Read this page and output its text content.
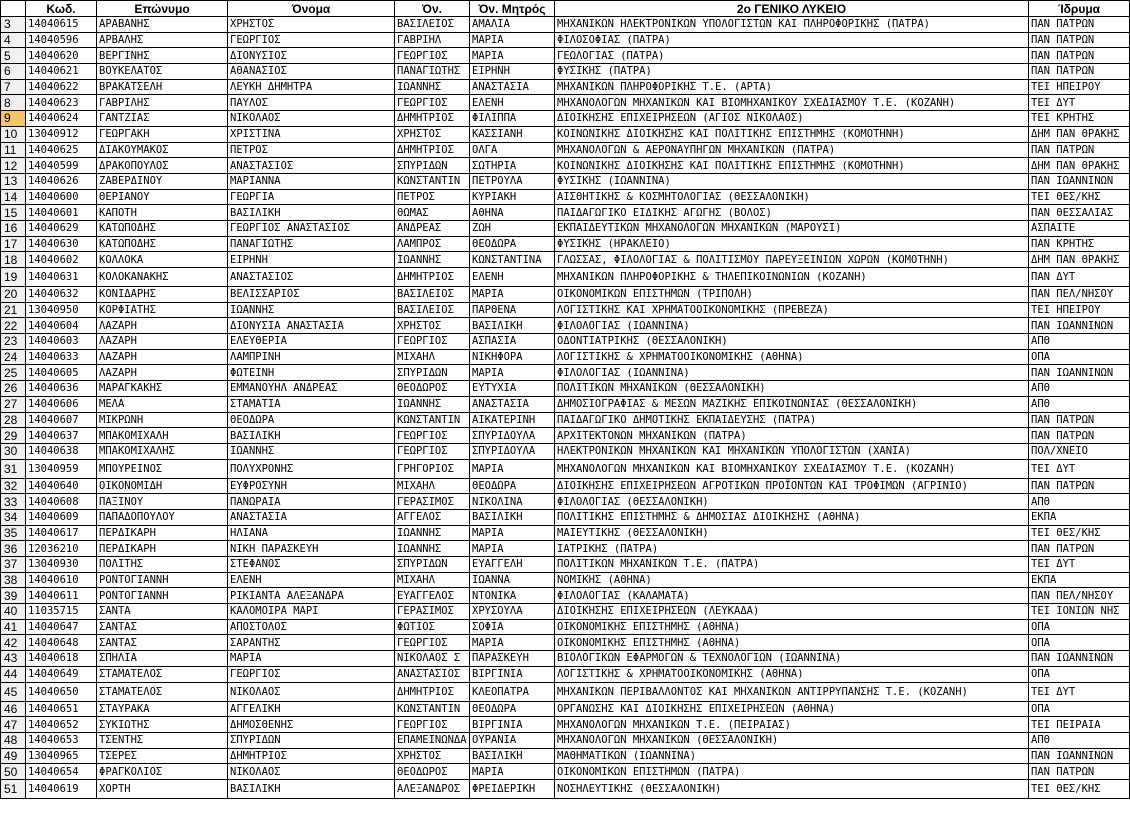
	Κωδ.	Επώνυμο	Όνομα	Όν.	Όν. Μητρός	2ο ΓΕΝΙΚΟ ΛΥΚΕΙΟ	Ίδρυμα
3	14040615	ΑΡΑΒΑΝΗΣ	ΧΡΗΣΤΟΣ	ΒΑΣΙΛΕΙΟΣ	ΑΜΑΛΙΑ	ΜΗΧΑΝΙΚΩΝ ΗΛΕΚΤΡΟΝΙΚΩΝ ΥΠΟΛΟΓΙΣΤΩΝ ΚΑΙ ΠΛΗΡΟΦΟΡΙΚΗΣ (ΠΑΤΡΑ)	ΠΑΝ ΠΑΤΡΩΝ
4	14040596	ΑΡΒΑΛΗΣ	ΓΕΩΡΓΙΟΣ	ΓΑΒΡΙΗΛ	ΜΑΡΙΑ	ΦΙΛΟΣΟΦΙΑΣ (ΠΑΤΡΑ)	ΠΑΝ ΠΑΤΡΩΝ
5	14040620	ΒΕΡΓΙΝΗΣ	ΔΙΟΝΥΣΙΟΣ	ΓΕΩΡΓΙΟΣ	ΜΑΡΙΑ	ΓΕΩΛΟΓΙΑΣ (ΠΑΤΡΑ)	ΠΑΝ ΠΑΤΡΩΝ
6	14040621	ΒΟΥΚΕΛΑΤΟΣ	ΑΘΑΝΑΣΙΟΣ	ΠΑΝΑΓΙΩΤΗΣ	ΕΙΡΗΝΗ	ΦΥΣΙΚΗΣ (ΠΑΤΡΑ)	ΠΑΝ ΠΑΤΡΩΝ
7	14040622	ΒΡΑΚΑΤΣΕΛΗ	ΛΕΥΚΗ ΔΗΜΗΤΡΑ	ΙΩΑΝΝΗΣ	ΑΝΑΣΤΑΣΙΑ	ΜΗΧΑΝΙΚΩΝ ΠΛΗΡΟΦΟΡΙΚΗΣ Τ.Ε. (ΑΡΤΑ)	ΤΕΙ ΗΠΕΙΡΟΥ
8	14040623	ΓΑΒΡΙΛΗΣ	ΠΑΥΛΟΣ	ΓΕΩΡΓΙΟΣ	ΕΛΕΝΗ	ΜΗΧΑΝΟΛΟΓΩΝ ΜΗΧΑΝΙΚΩΝ ΚΑΙ ΒΙΟΜΗΧΑΝΙΚΟΥ ΣΧΕΔΙΑΣΜΟΥ Τ.Ε. (ΚΟΖΑΝΗ)	ΤΕΙ ΔΥΤ
9	14040624	ΓΑΝΤΖΙΑΣ	ΝΙΚΟΛΑΟΣ	ΔΗΜΗΤΡΙΟΣ	ΦΙΛΙΠΠΑ	ΔΙΟΙΚΗΣΗΣ ΕΠΙΧΕΙΡΗΣΕΩΝ (ΑΓΙΟΣ ΝΙΚΟΛΑΟΣ)	ΤΕΙ ΚΡΗΤΗΣ
10	13040912	ΓΕΩΡΓΑΚΗ	ΧΡΙΣΤΙΝΑ	ΧΡΗΣΤΟΣ	ΚΑΣΣΙΑΝΗ	ΚΟΙΝΩΝΙΚΗΣ ΔΙΟΙΚΗΣΗΣ ΚΑΙ ΠΟΛΙΤΙΚΗΣ ΕΠΙΣΤΗΜΗΣ (ΚΟΜΟΤΗΝΗ)	ΔΗΜ ΠΑΝ ΘΡΑΚΗΣ
11	14040625	ΔΙΑΚΟΥΜΑΚΟΣ	ΠΕΤΡΟΣ	ΔΗΜΗΤΡΙΟΣ	ΟΛΓΑ	ΜΗΧΑΝΟΛΟΓΩΝ & ΑΕΡΟΝΑΥΠΗΓΩΝ ΜΗΧΑΝΙΚΩΝ (ΠΑΤΡΑ)	ΠΑΝ ΠΑΤΡΩΝ
12	14040599	ΔΡΑΚΟΠΟΥΛΟΣ	ΑΝΑΣΤΑΣΙΟΣ	ΣΠΥΡΙΔΩΝ	ΣΩΤΗΡΙΑ	ΚΟΙΝΩΝΙΚΗΣ ΔΙΟΙΚΗΣΗΣ ΚΑΙ ΠΟΛΙΤΙΚΗΣ ΕΠΙΣΤΗΜΗΣ (ΚΟΜΟΤΗΝΗ)	ΔΗΜ ΠΑΝ ΘΡΑΚΗΣ
13	14040626	ΖΑΒΕΡΔΙΝΟΥ	ΜΑΡΙΑΝΝΑ	ΚΩΝΣΤΑΝΤΙΝ	ΠΕΤΡΟΥΛΑ	ΦΥΣΙΚΗΣ (ΙΩΑΝΝΙΝΑ)	ΠΑΝ ΙΩΑΝΝΙΝΩΝ
14	14040600	ΘΕΡΙΑΝΟΥ	ΓΕΩΡΓΙΑ	ΠΕΤΡΟΣ	ΚΥΡΙΑΚΗ	ΑΙΣΘΗΤΙΚΗΣ & ΚΟΣΜΗΤΟΛΟΓΙΑΣ (ΘΕΣΣΑΛΟΝΙΚΗ)	ΤΕΙ ΘΕΣ/ΚΗΣ
15	14040601	ΚΑΠΟΤΗ	ΒΑΣΙΛΙΚΗ	ΘΩΜΑΣ	ΑΘΗΝΑ	ΠΑΙΔΑΓΩΓΙΚΟ ΕΙΔΙΚΗΣ ΑΓΩΓΗΣ (ΒΟΛΟΣ)	ΠΑΝ ΘΕΣΣΑΛΙΑΣ
16	14040629	ΚΑΤΩΠΟΔΗΣ	ΓΕΩΡΓΙΟΣ ΑΝΑΣΤΑΣΙΟΣ	ΑΝΔΡΕΑΣ	ΖΩΗ	ΕΚΠΑΙΔΕΥΤΙΚΩΝ ΜΗΧΑΝΟΛΟΓΩΝ ΜΗΧΑΝΙΚΩΝ (ΜΑΡΟΥΣΙ)	ΑΣΠΑΙΤΕ
17	14040630	ΚΑΤΩΠΟΔΗΣ	ΠΑΝΑΓΙΩΤΗΣ	ΛΑΜΠΡΟΣ	ΘΕΟΔΩΡΑ	ΦΥΣΙΚΗΣ (ΗΡΑΚΛΕΙΟ)	ΠΑΝ ΚΡΗΤΗΣ
18	14040602	ΚΟΛΛΟΚΑ	ΕΙΡΗΝΗ	ΙΩΑΝΝΗΣ	ΚΩΝΣΤΑΝΤΙΝΑ	ΓΛΩΣΣΑΣ, ΦΙΛΟΛΟΓΙΑΣ & ΠΟΛΙΤΙΣΜΟΥ ΠΑΡΕΥΞΕΙΝΙΩΝ ΧΩΡΩΝ (ΚΟΜΟΤΗΝΗ)	ΔΗΜ ΠΑΝ ΘΡΑΚΗΣ
19	14040631	ΚΟΛΟΚΑΝΑΚΗΣ	ΑΝΑΣΤΑΣΙΟΣ	ΔΗΜΗΤΡΙΟΣ	ΕΛΕΝΗ	ΜΗΧΑΝΙΚΩΝ ΠΛΗΡΟΦΟΡΙΚΗΣ & ΤΗΛΕΠΙΚΟΙΝΩΝΙΩΝ (ΚΟΖΑΝΗ)	ΠΑΝ ΔΥΤ
20	14040632	ΚΟΝΙΔΑΡΗΣ	ΒΕΛΙΣΣΑΡΙΟΣ	ΒΑΣΙΛΕΙΟΣ	ΜΑΡΙΑ	ΟΙΚΟΝΟΜΙΚΩΝ ΕΠΙΣΤΗΜΩΝ (ΤΡΙΠΟΛΗ)	ΠΑΝ ΠΕΛ/ΝΗΣΟΥ
21	13040950	ΚΟΡΦΙΑΤΗΣ	ΙΩΑΝΝΗΣ	ΒΑΣΙΛΕΙΟΣ	ΠΑΡΘΕΝΑ	ΛΟΓΙΣΤΙΚΗΣ ΚΑΙ ΧΡΗΜΑΤΟΟΙΚΟΝΟΜΙΚΗΣ (ΠΡΕΒΕΖΑ)	ΤΕΙ ΗΠΕΙΡΟΥ
22	14040604	ΛΑΖΑΡΗ	ΔΙΟΝΥΣΙΑ ΑΝΑΣΤΑΣΙΑ	ΧΡΗΣΤΟΣ	ΒΑΣΙΛΙΚΗ	ΦΙΛΟΛΟΓΙΑΣ (ΙΩΑΝΝΙΝΑ)	ΠΑΝ ΙΩΑΝΝΙΝΩΝ
23	14040603	ΛΑΖΑΡΗ	ΕΛΕΥΘΕΡΙΑ	ΓΕΩΡΓΙΟΣ	ΑΣΠΑΣΙΑ	ΟΔΟΝΤΙΑΤΡΙΚΗΣ (ΘΕΣΣΑΛΟΝΙΚΗ)	ΑΠΘ
24	14040633	ΛΑΖΑΡΗ	ΛΑΜΠΡΙΝΗ	ΜΙΧΑΗΛ	ΝΙΚΗΦΟΡΑ	ΛΟΓΙΣΤΙΚΗΣ & ΧΡΗΜΑΤΟΟΙΚΟΝΟΜΙΚΗΣ (ΑΘΗΝΑ)	ΟΠΑ
25	14040605	ΛΑΖΑΡΗ	ΦΩΤΕΙΝΗ	ΣΠΥΡΙΔΩΝ	ΜΑΡΙΑ	ΦΙΛΟΛΟΓΙΑΣ (ΙΩΑΝΝΙΝΑ)	ΠΑΝ ΙΩΑΝΝΙΝΩΝ
26	14040636	ΜΑΡΑΓΚΑΚΗΣ	ΕΜΜΑΝΟΥΗΛ ΑΝΔΡΕΑΣ	ΘΕΟΔΩΡΟΣ	ΕΥΤΥΧΙΑ	ΠΟΛΙΤΙΚΩΝ ΜΗΧΑΝΙΚΩΝ (ΘΕΣΣΑΛΟΝΙΚΗ)	ΑΠΘ
27	14040606	ΜΕΛΑ	ΣΤΑΜΑΤΙΑ	ΙΩΑΝΝΗΣ	ΑΝΑΣΤΑΣΙΑ	ΔΗΜΟΣΙΟΓΡΑΦΙΑΣ & ΜΕΣΩΝ ΜΑΖΙΚΗΣ ΕΠΙΚΟΙΝΩΝΙΑΣ (ΘΕΣΣΑΛΟΝΙΚΗ)	ΑΠΘ
28	14040607	ΜΙΚΡΩΝΗ	ΘΕΟΔΩΡΑ	ΚΩΝΣΤΑΝΤΙΝ	ΑΙΚΑΤΕΡΙΝΗ	ΠΑΙΔΑΓΩΓΙΚΟ ΔΗΜΟΤΙΚΗΣ ΕΚΠΑΙΔΕΥΣΗΣ (ΠΑΤΡΑ)	ΠΑΝ ΠΑΤΡΩΝ
29	14040637	ΜΠΑΚΟΜΙΧΑΛΗ	ΒΑΣΙΛΙΚΗ	ΓΕΩΡΓΙΟΣ	ΣΠΥΡΙΔΟΥΛΑ	ΑΡΧΙΤΕΚΤΟΝΩΝ ΜΗΧΑΝΙΚΩΝ (ΠΑΤΡΑ)	ΠΑΝ ΠΑΤΡΩΝ
30	14040638	ΜΠΑΚΟΜΙΧΑΛΗΣ	ΙΩΑΝΝΗΣ	ΓΕΩΡΓΙΟΣ	ΣΠΥΡΙΔΟΥΛΑ	ΗΛΕΚΤΡΟΝΙΚΩΝ ΜΗΧΑΝΙΚΩΝ ΚΑΙ ΜΗΧΑΝΙΚΩΝ ΥΠΟΛΟΓΙΣΤΩΝ (ΧΑΝΙΑ)	ΠΟΛ/ΧΝΕΙΟ
31	13040959	ΜΠΟΥΡΕΙΝΟΣ	ΠΟΛΥΧΡΟΝΗΣ	ΓΡΗΓΟΡΙΟΣ	ΜΑΡΙΑ	ΜΗΧΑΝΟΛΟΓΩΝ ΜΗΧΑΝΙΚΩΝ ΚΑΙ ΒΙΟΜΗΧΑΝΙΚΟΥ ΣΧΕΔΙΑΣΜΟΥ Τ.Ε. (ΚΟΖΑΝΗ)	ΤΕΙ ΔΥΤ
32	14040640	ΟΙΚΟΝΟΜΙΔΗ	ΕΥΦΡΟΣΥΝΗ	ΜΙΧΑΗΛ	ΘΕΟΔΩΡΑ	ΔΙΟΙΚΗΣΗΣ ΕΠΙΧΕΙΡΗΣΕΩΝ ΑΓΡΟΤΙΚΩΝ ΠΡΟΪΟΝΤΩΝ ΚΑΙ ΤΡΟΦΙΜΩΝ (ΑΓΡΙΝΙΟ)	ΠΑΝ ΠΑΤΡΩΝ
33	14040608	ΠΑΞΙΝΟΥ	ΠΑΝΩΡΑΙΑ	ΓΕΡΑΣΙΜΟΣ	ΝΙΚΟΛΙΝΑ	ΦΙΛΟΛΟΓΙΑΣ (ΘΕΣΣΑΛΟΝΙΚΗ)	ΑΠΘ
34	14040609	ΠΑΠΑΔΟΠΟΥΛΟΥ	ΑΝΑΣΤΑΣΙΑ	ΑΓΓΕΛΟΣ	ΒΑΣΙΛΙΚΗ	ΠΟΛΙΤΙΚΗΣ ΕΠΙΣΤΗΜΗΣ & ΔΗΜΟΣΙΑΣ ΔΙΟΙΚΗΣΗΣ (ΑΘΗΝΑ)	ΕΚΠΑ
35	14040617	ΠΕΡΔΙΚΑΡΗ	ΗΛΙΑΝΑ	ΙΩΑΝΝΗΣ	ΜΑΡΙΑ	ΜΑΙΕΥΤΙΚΗΣ (ΘΕΣΣΑΛΟΝΙΚΗ)	ΤΕΙ ΘΕΣ/ΚΗΣ
36	12036210	ΠΕΡΔΙΚΑΡΗ	ΝΙΚΗ ΠΑΡΑΣΚΕΥΗ	ΙΩΑΝΝΗΣ	ΜΑΡΙΑ	ΙΑΤΡΙΚΗΣ (ΠΑΤΡΑ)	ΠΑΝ ΠΑΤΡΩΝ
37	13040930	ΠΟΛΙΤΗΣ	ΣΤΕΦΑΝΟΣ	ΣΠΥΡΙΔΩΝ	ΕΥΑΓΓΕΛΗ	ΠΟΛΙΤΙΚΩΝ ΜΗΧΑΝΙΚΩΝ Τ.Ε. (ΠΑΤΡΑ)	ΤΕΙ ΔΥΤ
38	14040610	ΡΟΝΤΟΓΙΑΝΝΗ	ΕΛΕΝΗ	ΜΙΧΑΗΛ	ΙΩΑΝΝΑ	ΝΟΜΙΚΗΣ (ΑΘΗΝΑ)	ΕΚΠΑ
39	14040611	ΡΟΝΤΟΓΙΑΝΝΗ	ΡΙΚΙΑΝΤΑ ΑΛΕΞΑΝΔΡΑ	ΕΥΑΓΓΕΛΟΣ	ΝΤΟΝΙΚΑ	ΦΙΛΟΛΟΓΙΑΣ (ΚΑΛΑΜΑΤΑ)	ΠΑΝ ΠΕΛ/ΝΗΣΟΥ
40	11035715	ΣΑΝΤΑ	ΚΑΛΟΜΟΙΡΑ ΜΑΡΙ	ΓΕΡΑΣΙΜΟΣ	ΧΡΥΣΟΥΛΑ	ΔΙΟΙΚΗΣΗΣ ΕΠΙΧΕΙΡΗΣΕΩΝ (ΛΕΥΚΑΔΑ)	ΤΕΙ ΙΟΝΙΩΝ ΝΗΣ
41	14040647	ΣΑΝΤΑΣ	ΑΠΟΣΤΟΛΟΣ	ΦΩΤΙΟΣ	ΣΟΦΙΑ	ΟΙΚΟΝΟΜΙΚΗΣ ΕΠΙΣΤΗΜΗΣ (ΑΘΗΝΑ)	ΟΠΑ
42	14040648	ΣΑΝΤΑΣ	ΣΑΡΑΝΤΗΣ	ΓΕΩΡΓΙΟΣ	ΜΑΡΙΑ	ΟΙΚΟΝΟΜΙΚΗΣ ΕΠΙΣΤΗΜΗΣ (ΑΘΗΝΑ)	ΟΠΑ
43	14040618	ΣΠΗΛΙΑ	ΜΑΡΙΑ	ΝΙΚΟΛΑΟΣ Σ	ΠΑΡΑΣΚΕΥΗ	ΒΙΟΛΟΓΙΚΩΝ ΕΦΑΡΜΟΓΩΝ & ΤΕΧΝΟΛΟΓΙΩΝ (ΙΩΑΝΝΙΝΑ)	ΠΑΝ ΙΩΑΝΝΙΝΩΝ
44	14040649	ΣΤΑΜΑΤΕΛΟΣ	ΓΕΩΡΓΙΟΣ	ΑΝΑΣΤΑΣΙΟΣ	ΒΙΡΓΙΝΙΑ	ΛΟΓΙΣΤΙΚΗΣ & ΧΡΗΜΑΤΟΟΙΚΟΝΟΜΙΚΗΣ (ΑΘΗΝΑ)	ΟΠΑ
45	14040650	ΣΤΑΜΑΤΕΛΟΣ	ΝΙΚΟΛΑΟΣ	ΔΗΜΗΤΡΙΟΣ	ΚΛΕΟΠΑΤΡΑ	ΜΗΧΑΝΙΚΩΝ ΠΕΡΙΒΑΛΛΟΝΤΟΣ ΚΑΙ ΜΗΧΑΝΙΚΩΝ ΑΝΤΙΡΡΥΠΑΝΣΗΣ Τ.Ε. (ΚΟΖΑΝΗ)	ΤΕΙ ΔΥΤ
46	14040651	ΣΤΑΥΡΑΚΑ	ΑΓΓΕΛΙΚΗ	ΚΩΝΣΤΑΝΤΙΝ	ΘΕΟΔΩΡΑ	ΟΡΓΑΝΩΣΗΣ ΚΑΙ ΔΙΟΙΚΗΣΗΣ ΕΠΙΧΕΙΡΗΣΕΩΝ (ΑΘΗΝΑ)	ΟΠΑ
47	14040652	ΣΥΚΙΩΤΗΣ	ΔΗΜΟΣΘΕΝΗΣ	ΓΕΩΡΓΙΟΣ	ΒΙΡΓΙΝΙΑ	ΜΗΧΑΝΟΛΟΓΩΝ ΜΗΧΑΝΙΚΩΝ Τ.Ε. (ΠΕΙΡΑΙΑΣ)	ΤΕΙ ΠΕΙΡΑΙΑ
48	14040653	ΤΣΕΝΤΗΣ	ΣΠΥΡΙΔΩΝ	ΕΠΑΜΕΙΝΩΝΔΑ	ΟΥΡΑΝΙΑ	ΜΗΧΑΝΟΛΟΓΩΝ ΜΗΧΑΝΙΚΩΝ (ΘΕΣΣΑΛΟΝΙΚΗ)	ΑΠΘ
49	13040965	ΤΣΕΡΕΣ	ΔΗΜΗΤΡΙΟΣ	ΧΡΗΣΤΟΣ	ΒΑΣΙΛΙΚΗ	ΜΑΘΗΜΑΤΙΚΩΝ (ΙΩΑΝΝΙΝΑ)	ΠΑΝ ΙΩΑΝΝΙΝΩΝ
50	14040654	ΦΡΑΓΚΟΛΙΟΣ	ΝΙΚΟΛΑΟΣ	ΘΕΟΔΩΡΟΣ	ΜΑΡΙΑ	ΟΙΚΟΝΟΜΙΚΩΝ ΕΠΙΣΤΗΜΩΝ (ΠΑΤΡΑ)	ΠΑΝ ΠΑΤΡΩΝ
51	14040619	ΧΟΡΤΗ	ΒΑΣΙΛΙΚΗ	ΑΛΕΞΑΝΔΡΟΣ	ΦΡΕΙΔΕΡΙΚΗ	ΝΟΣΗΛΕΥΤΙΚΗΣ (ΘΕΣΣΑΛΟΝΙΚΗ)	ΤΕΙ ΘΕΣ/ΚΗΣ
